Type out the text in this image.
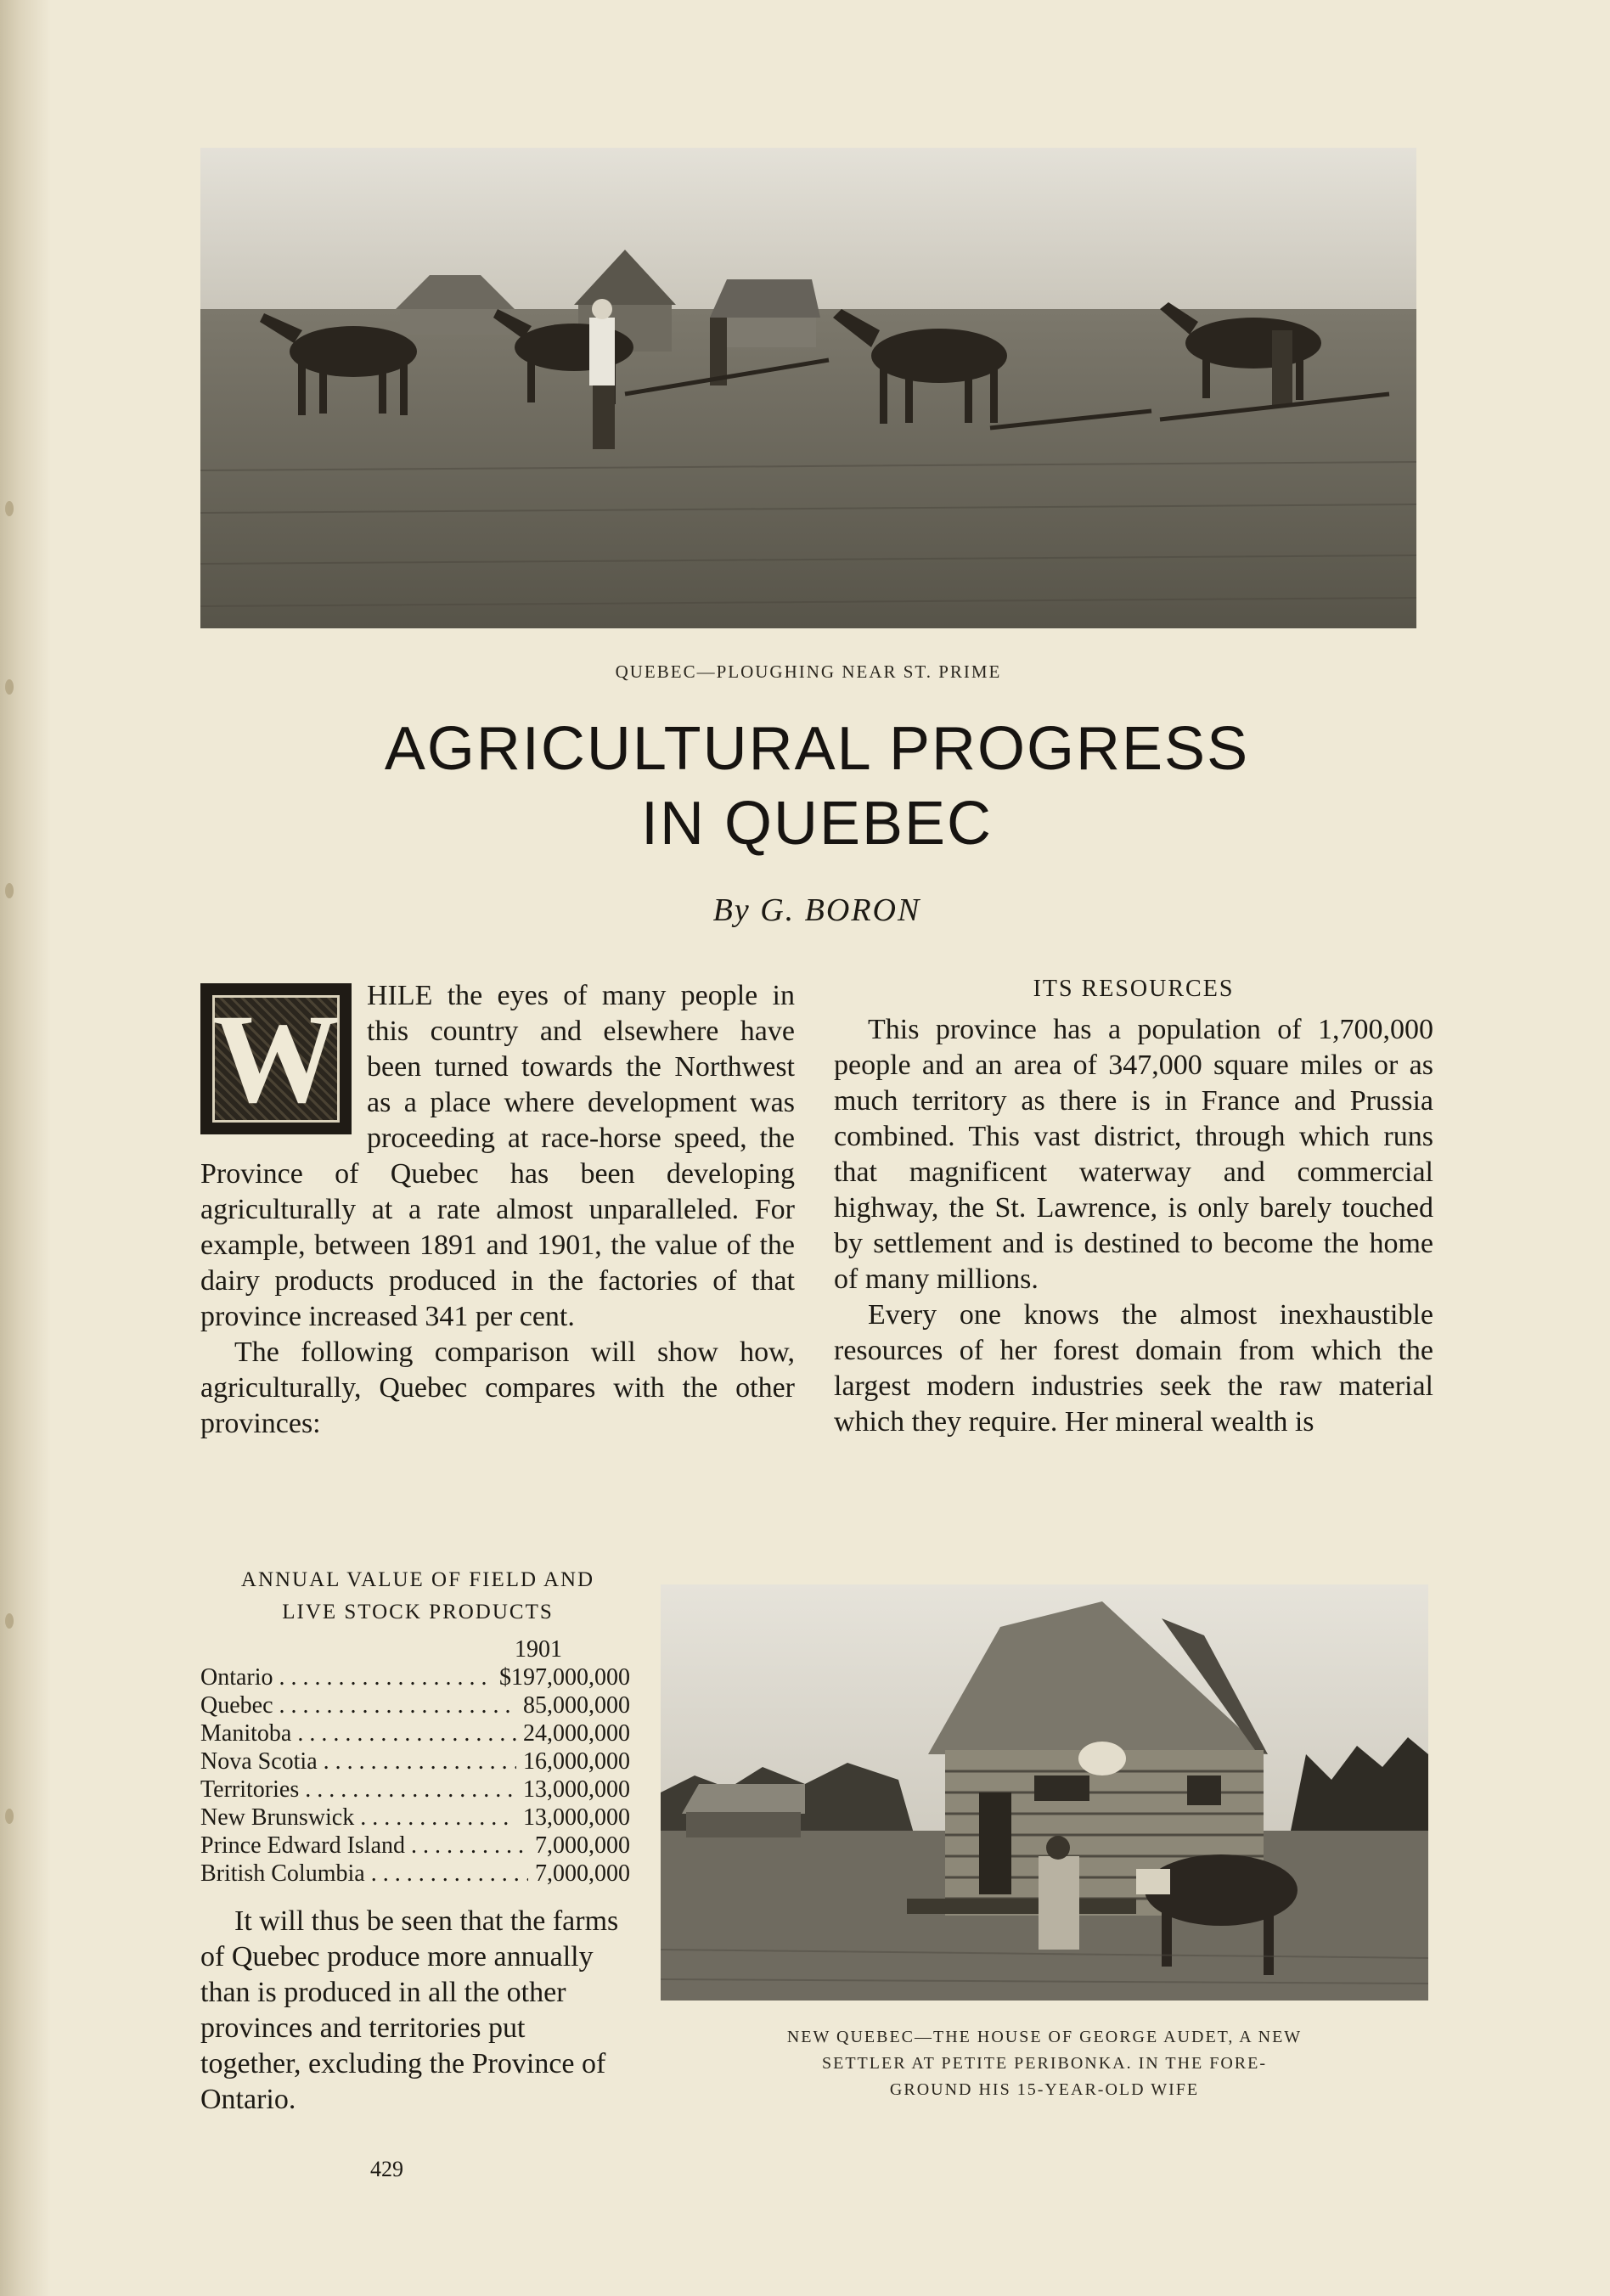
QUEBEC—PLOUGHING NEAR ST. PRIME
AGRICULTURAL PROGRESS
IN QUEBEC
By G. BORON
W HILE the eyes of many people in this country and elsewhere have been turned towards the Northwest as a place where development was proceeding at race-horse speed, the Province of Quebec has been developing agriculturally at a rate almost unparalleled. For example, between 1891 and 1901, the value of the dairy products produced in the factories of that province increased 341 per cent.

The following comparison will show how, agriculturally, Quebec compares with the other provinces:

ITS RESOURCES

This province has a population of 1,700,000 people and an area of 347,000 square miles or as much territory as there is in France and Prussia combined. This vast district, through which runs that magnificent waterway and commercial highway, the St. Lawrence, is only barely touched by settlement and is destined to become the home of many millions.

Every one knows the almost inexhaustible resources of her forest domain from which the largest modern industries seek the raw material which they require. Her mineral wealth is

ANNUAL VALUE OF FIELD AND
LIVE STOCK PRODUCTS
1901
Ontario . . .	$197,000,000
Quebec . . .	85,000,000
Manitoba . . .	24,000,000
Nova Scotia . . .	16,000,000
Territories . . .	13,000,000
New Brunswick . . .	13,000,000
Prince Edward Island . . .	7,000,000
British Columbia . . .	7,000,000

It will thus be seen that the farms of Quebec produce more annually than is produced in all the other provinces and territories put together, excluding the Province of Ontario.

NEW QUEBEC—THE HOUSE OF GEORGE AUDET, A NEW
SETTLER AT PETITE PERIBONKA. IN THE FORE-
GROUND HIS 15-YEAR-OLD WIFE
429
